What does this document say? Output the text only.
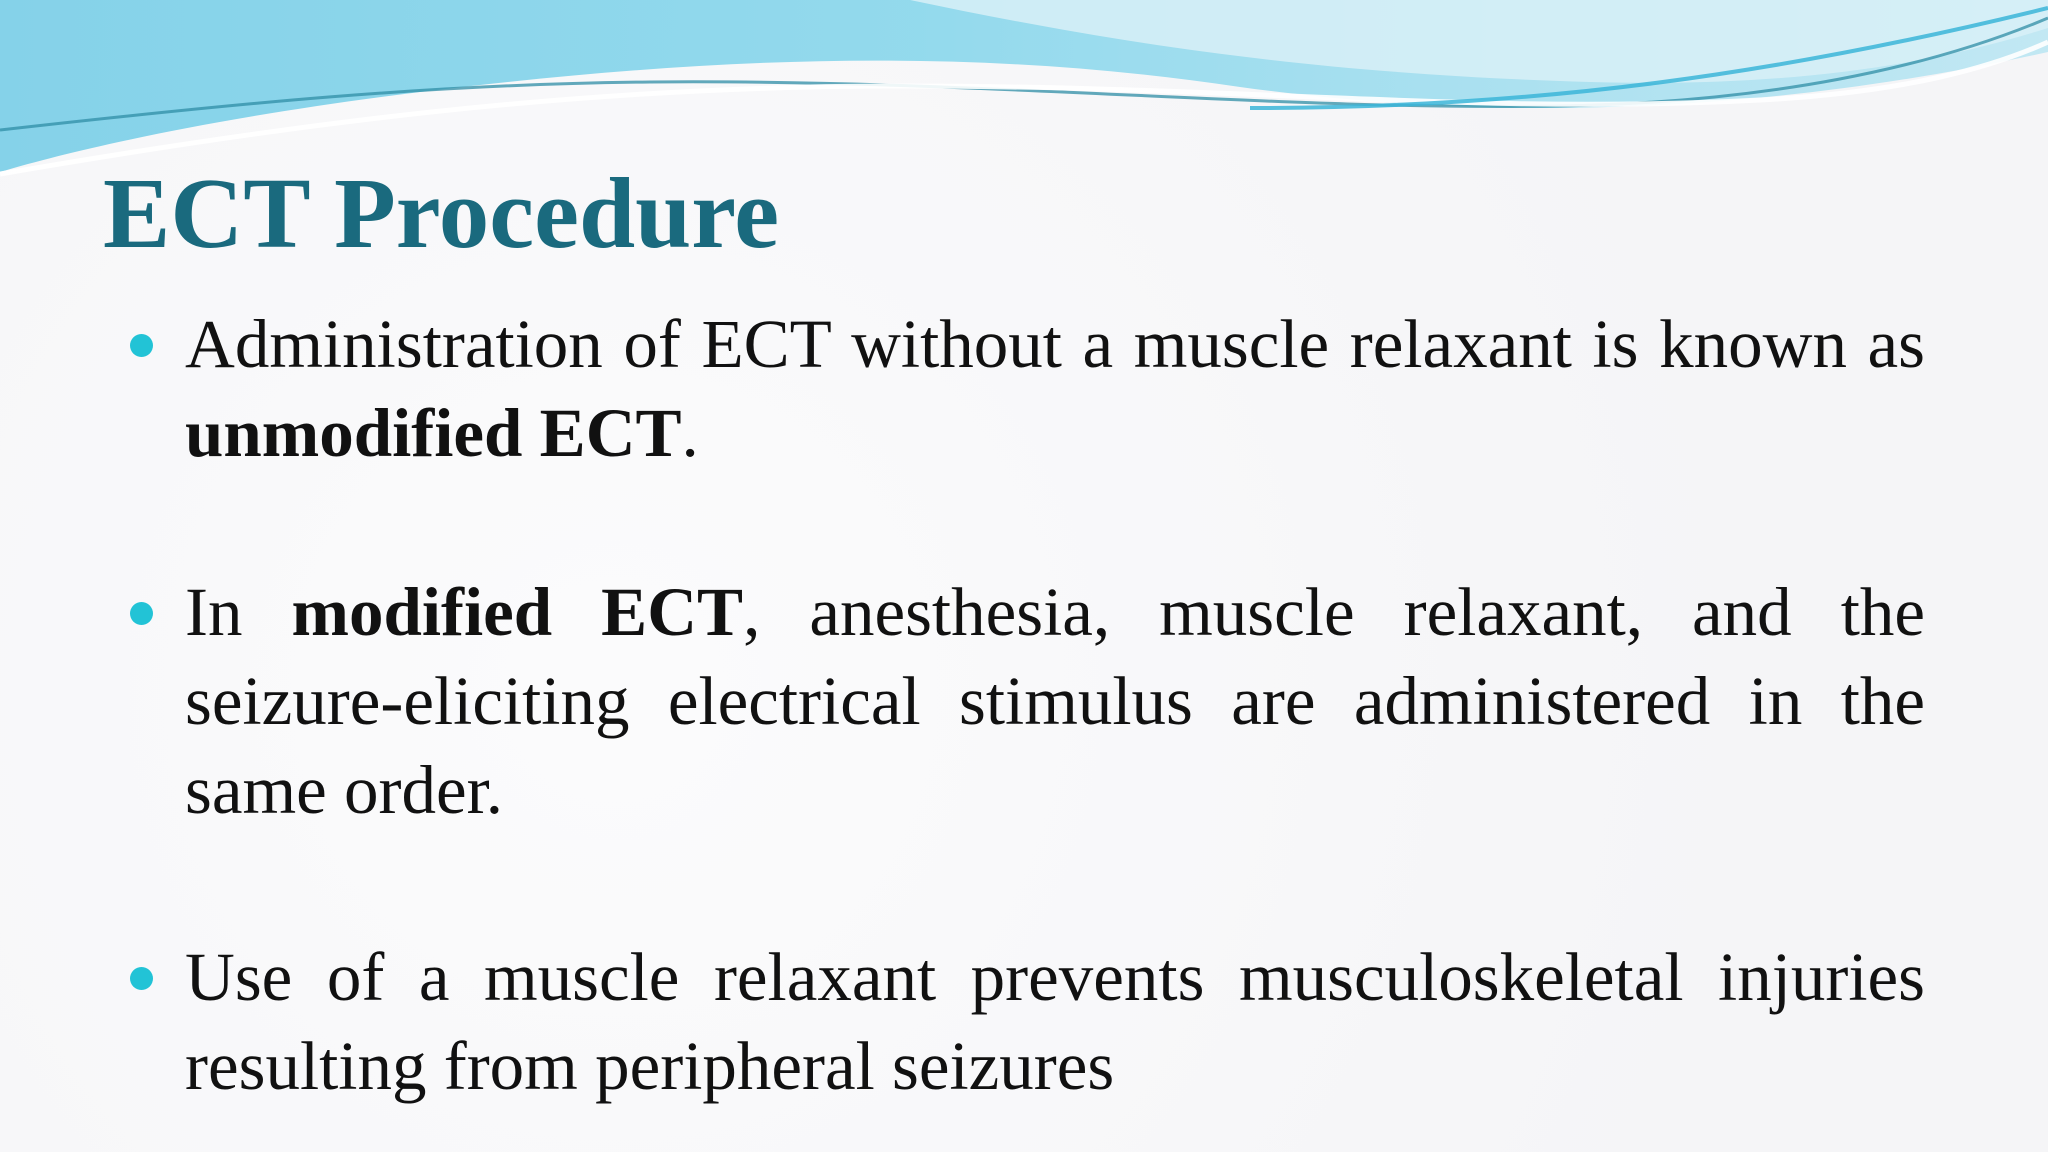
ECT Procedure
Administration of ECT without a muscle relaxant is known as unmodified ECT.
In modified ECT, anesthesia, muscle relaxant, and the seizure-eliciting electrical stimulus are administered in the same order.
Use of a muscle relaxant prevents musculoskeletal injuries resulting from peripheral seizures
